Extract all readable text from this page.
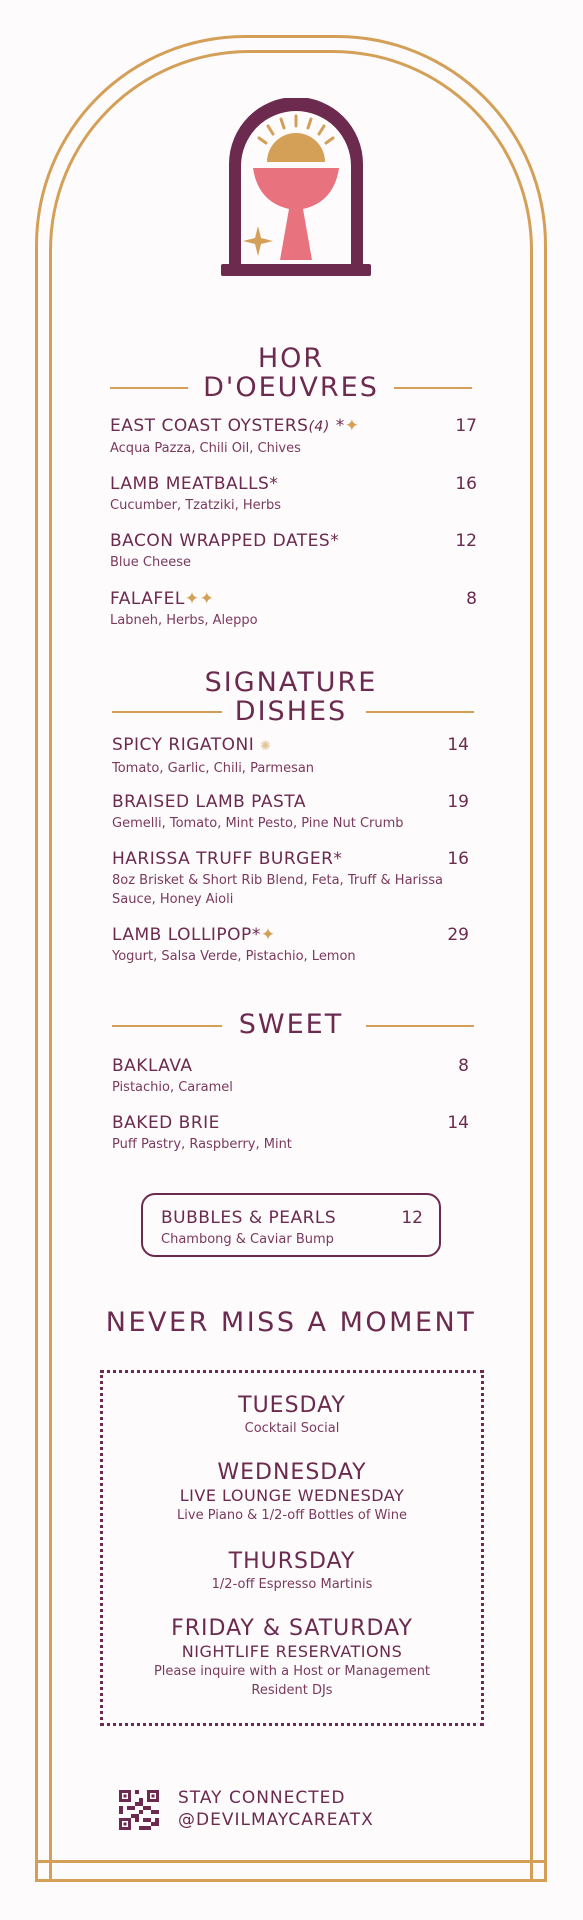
HOR
D'OEUVRES
EAST COAST OYSTERS(4) *✦
Acqua Pazza, Chili Oil, Chives
17
LAMB MEATBALLS*
Cucumber, Tzatziki, Herbs
16
BACON WRAPPED DATES*
Blue Cheese
12
FALAFEL✦✦
Labneh, Herbs, Aleppo
8
SIGNATURE
DISHES
SPICY RIGATONI ✺
Tomato, Garlic, Chili, Parmesan
14
BRAISED LAMB PASTA
Gemelli, Tomato, Mint Pesto, Pine Nut Crumb
19
HARISSA TRUFF BURGER*
8oz Brisket & Short Rib Blend, Feta, Truff & Harissa
Sauce, Honey Aioli
16
LAMB LOLLIPOP*✦
Yogurt, Salsa Verde, Pistachio, Lemon
29
SWEET
BAKLAVA
Pistachio, Caramel
8
BAKED BRIE
Puff Pastry, Raspberry, Mint
14
BUBBLES & PEARLS
Chambong & Caviar Bump
12
NEVER MISS A MOMENT
TUESDAY
Cocktail Social
WEDNESDAY
LIVE LOUNGE WEDNESDAY
Live Piano & 1/2-off Bottles of Wine
THURSDAY
1/2-off Espresso Martinis
FRIDAY & SATURDAY
NIGHTLIFE RESERVATIONS
Please inquire with a Host or Management
Resident DJs
STAY CONNECTED
@DEVILMAYCAREATX
